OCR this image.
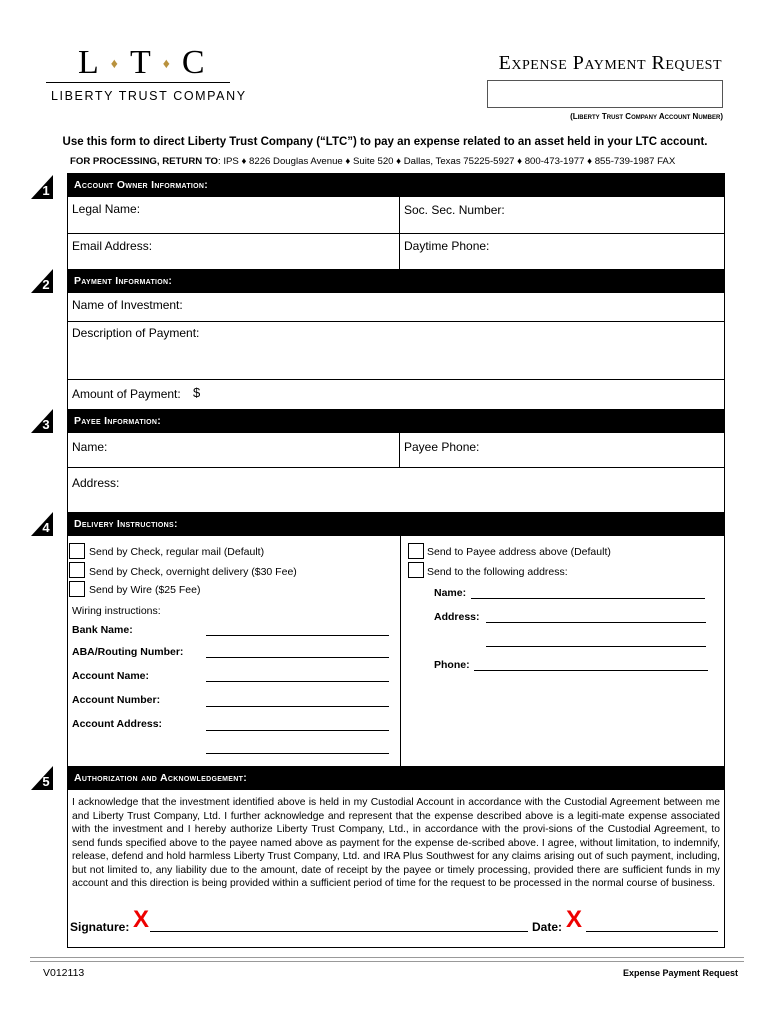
L ♦ T ♦ C
LIBERTY TRUST COMPANY
Expense Payment Request
(Liberty Trust Company Account Number)
Use this form to direct Liberty Trust Company (“LTC”) to pay an expense related to an asset held in your LTC account.
FOR PROCESSING, RETURN TO: IPS ♦ 8226 Douglas Avenue ♦ Suite 520 ♦ Dallas, Texas 75225-5927 ♦ 800-473-1977 ♦ 855-739-1987 FAX
1	Account Owner Information:
Legal Name:	Soc. Sec. Number:
Email Address:	Daytime Phone:
2	Payment Information:
Name of Investment:
Description of Payment:
Amount of Payment: $
3	Payee Information:
Name:	Payee Phone:
Address:
4	Delivery Instructions:
Send by Check, regular mail (Default)
Send by Check, overnight delivery ($30 Fee)
Send by Wire ($25 Fee)
Wiring instructions:
Bank Name:
ABA/Routing Number:
Account Name:
Account Number:
Account Address:
Send to Payee address above (Default)
Send to the following address:
Name:
Address:
Phone:
5	Authorization and Acknowledgement:
I acknowledge that the investment identified above is held in my Custodial Account in accordance with the Custodial Agreement between me and Liberty Trust Company, Ltd. I further acknowledge and represent that the expense described above is a legiti-mate expense associated with the investment and I hereby authorize Liberty Trust Company, Ltd., in accordance with the provi-sions of the Custodial Agreement, to send funds specified above to the payee named above as payment for the expense de-scribed above. I agree, without limitation, to indemnify, release, defend and hold harmless Liberty Trust Company, Ltd. and IRA Plus Southwest for any claims arising out of such payment, including, but not limited to, any liability due to the amount, date of receipt by the payee or timely processing, provided there are sufficient funds in my account and this direction is being provided within a sufficient period of time for the request to be processed in the normal course of business.
Signature: X	Date: X
V012113	Expense Payment Request
